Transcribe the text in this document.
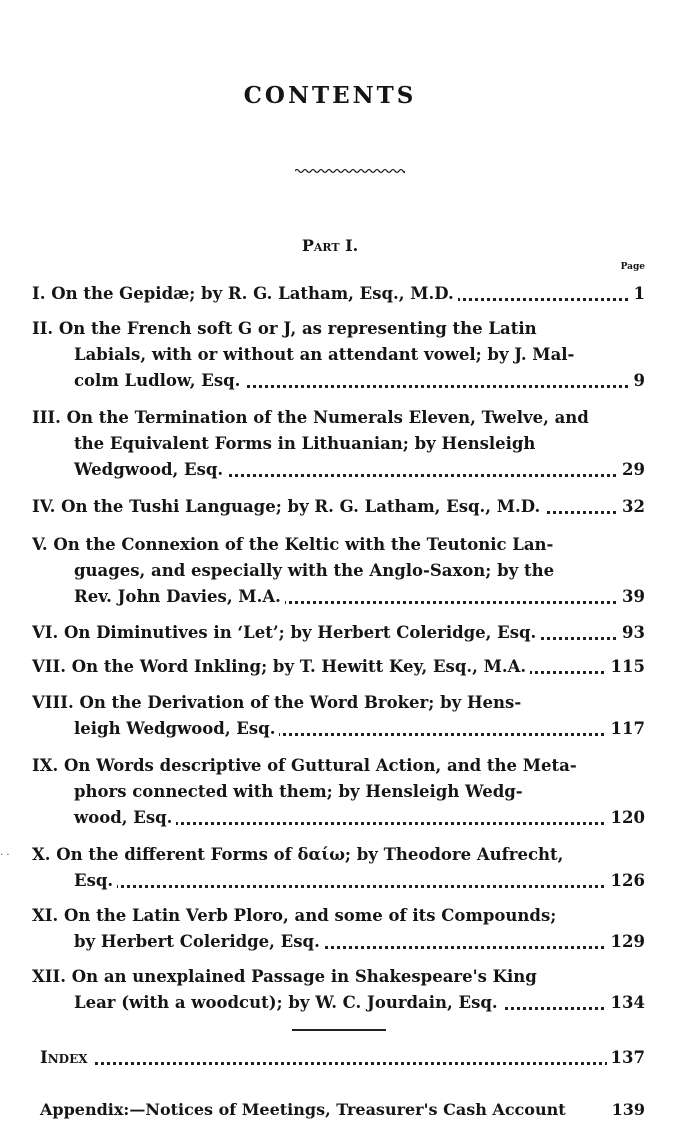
CONTENTS
Part I.
Page
I. On the Gepidæ; by R. G. Latham, Esq., M.D.	1
II. On the French soft G or J, as representing the Latin
Labials, with or without an attendant vowel; by J. Mal-
colm Ludlow, Esq.	9
III. On the Termination of the Numerals Eleven, Twelve, and
the Equivalent Forms in Lithuanian; by Hensleigh
Wedgwood, Esq.	29
IV. On the Tushi Language; by R. G. Latham, Esq., M.D.	32
V. On the Connexion of the Keltic with the Teutonic Lan-
guages, and especially with the Anglo-Saxon; by the
Rev. John Davies, M.A.	39
VI. On Diminutives in ‘Let’; by Herbert Coleridge, Esq.	93
VII. On the Word Inkling; by T. Hewitt Key, Esq., M.A.	115
VIII. On the Derivation of the Word Broker; by Hens-
leigh Wedgwood, Esq.	117
IX. On Words descriptive of Guttural Action, and the Meta-
phors connected with them; by Hensleigh Wedg-
wood, Esq.	120
X. On the different Forms of δαίω; by Theodore Aufrecht,
Esq.	126
XI. On the Latin Verb Ploro, and some of its Compounds;
by Herbert Coleridge, Esq.	129
XII. On an unexplained Passage in Shakespeare's King
Lear (with a woodcut); by W. C. Jourdain, Esq.	134
Index	137
Appendix:—Notices of Meetings, Treasurer's Cash Account	139
· ·
